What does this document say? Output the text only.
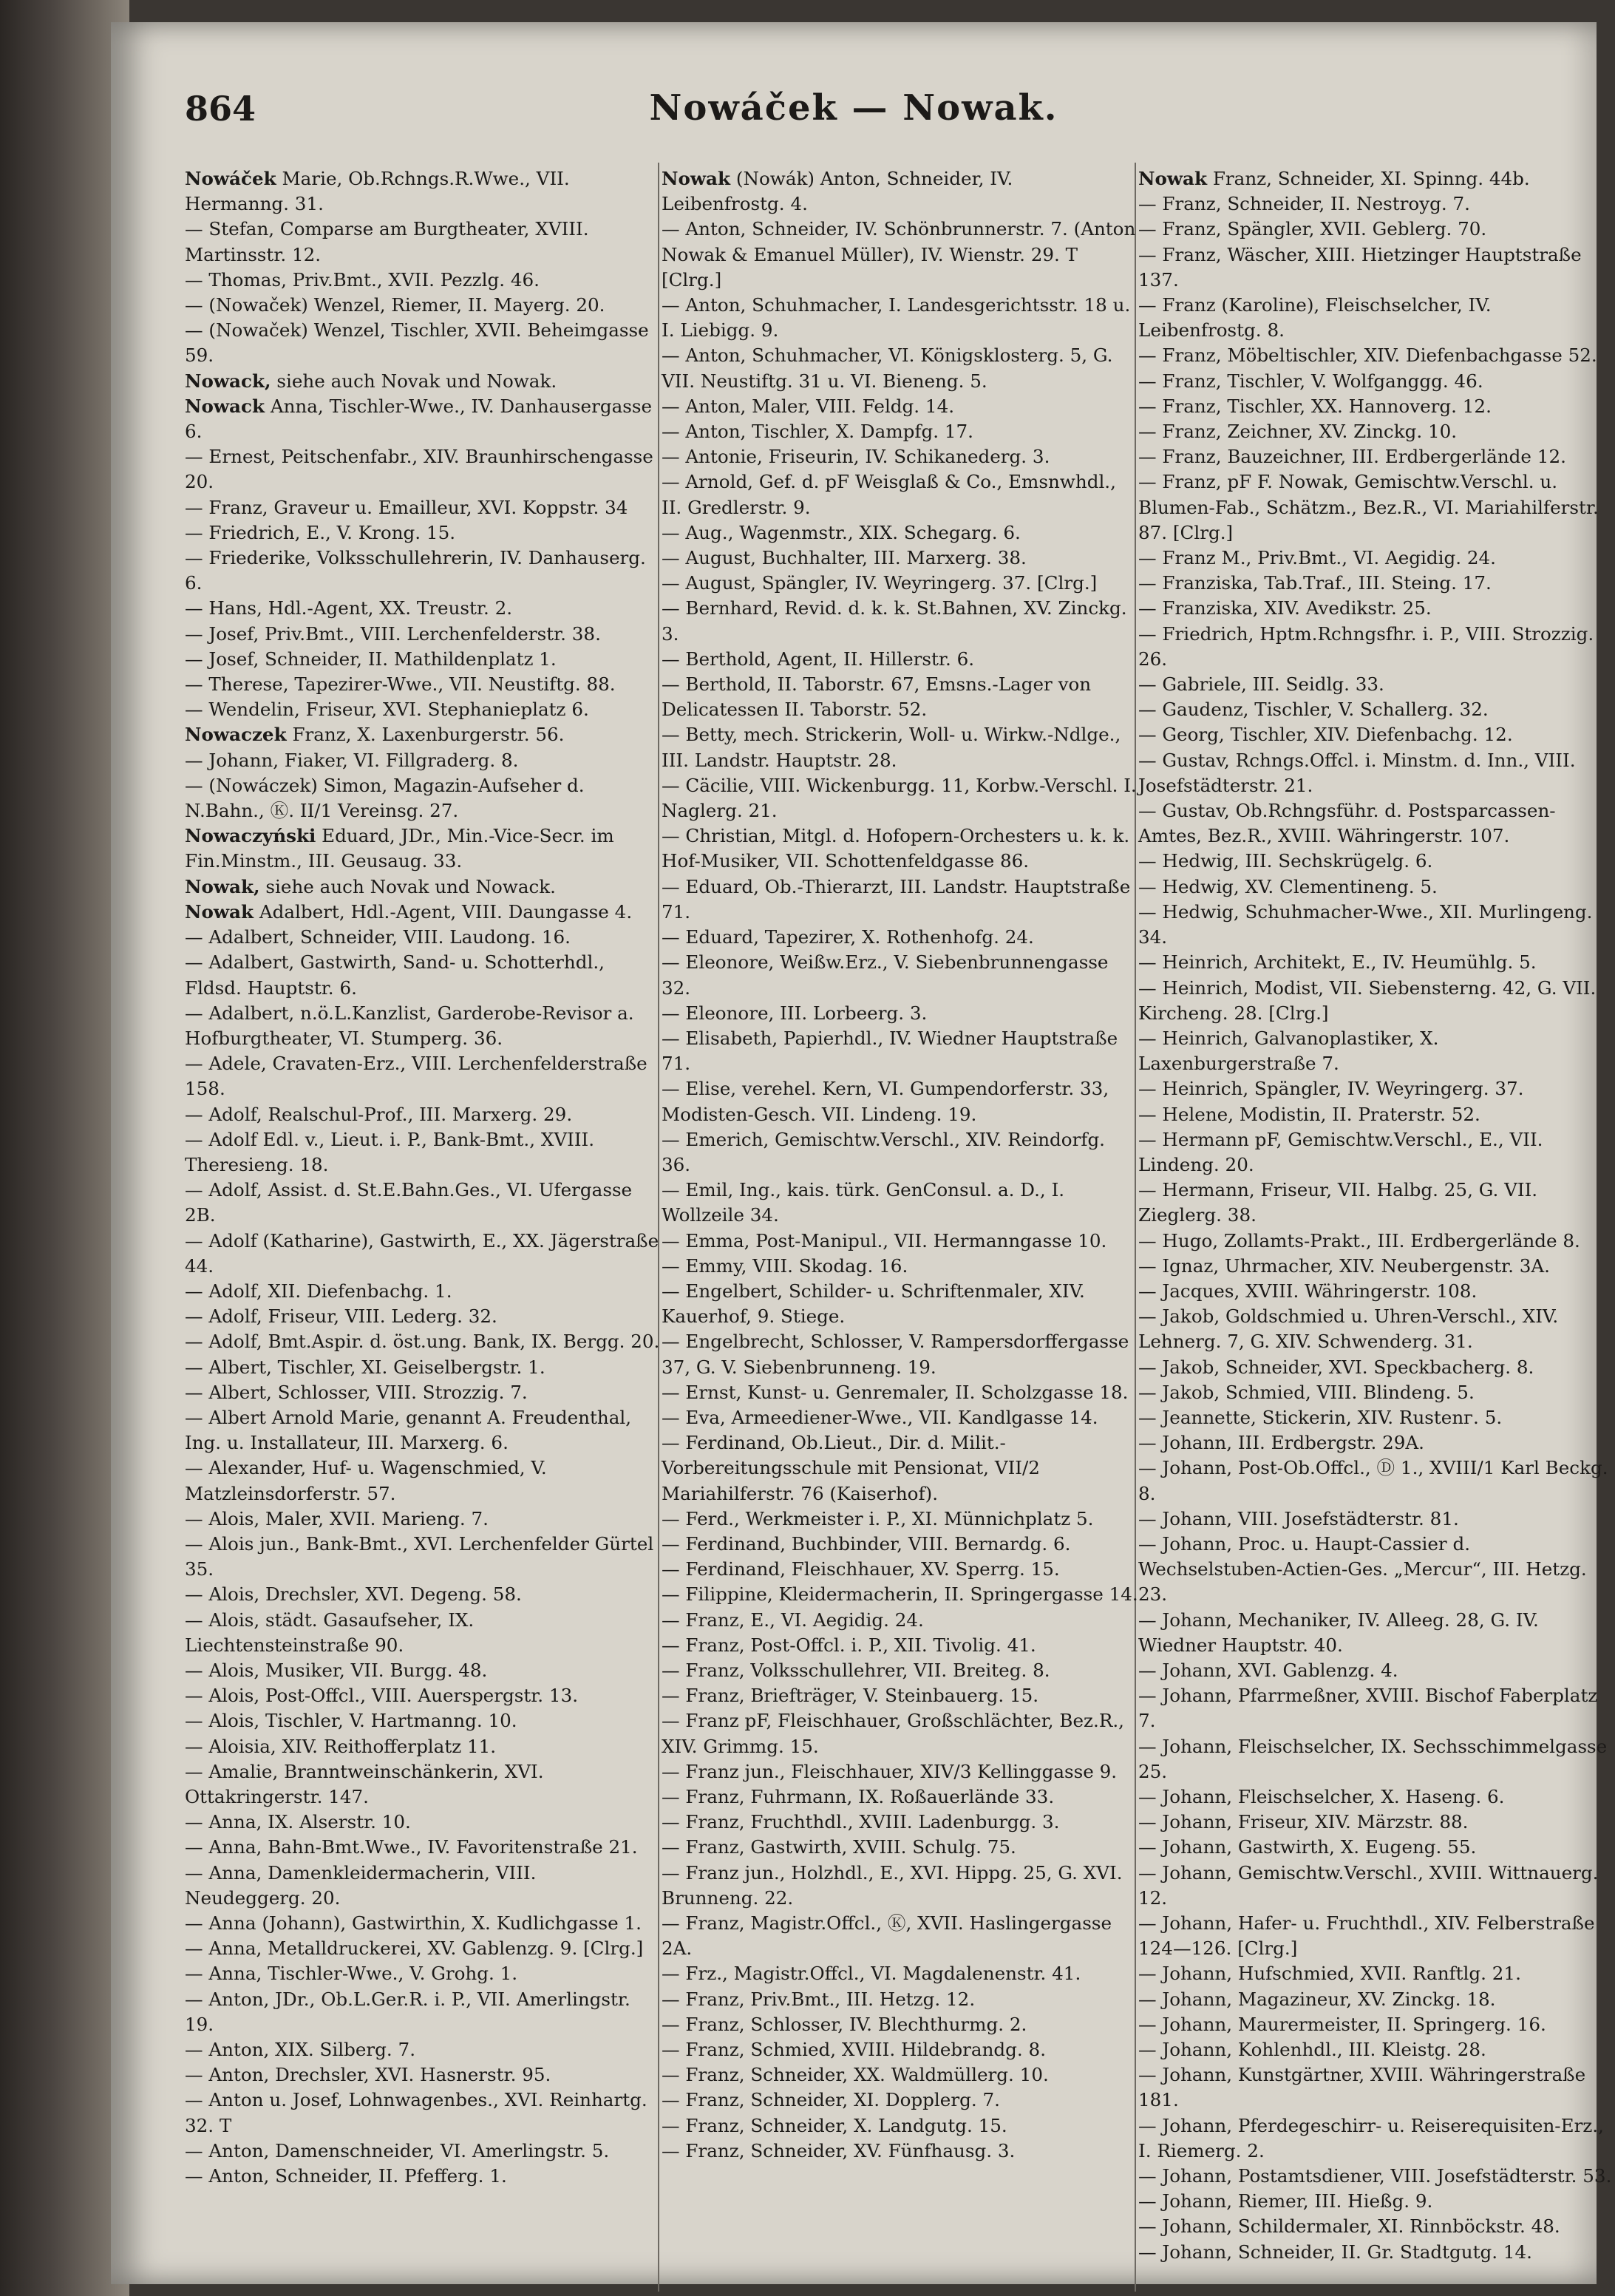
864	Nowáček — Nowak.
Nowáček Marie, Ob.Rchngs.R.Wwe., VII. Hermanng. 31.
— Stefan, Comparse am Burgtheater, XVIII. Martinsstr. 12.
— Thomas, Priv.Bmt., XVII. Pezzlg. 46.
— (Nowaček) Wenzel, Riemer, II. Mayerg. 20.
— (Nowaček) Wenzel, Tischler, XVII. Beheimgasse 59.
Nowack, siehe auch Novak und Nowak.
Nowack Anna, Tischler-Wwe., IV. Danhausergasse 6.
— Ernest, Peitschenfabr., XIV. Braunhirschengasse 20.
— Franz, Graveur u. Emailleur, XVI. Koppstr. 34
— Friedrich, E., V. Krong. 15.
— Friederike, Volksschullehrerin, IV. Danhauserg. 6.
— Hans, Hdl.-Agent, XX. Treustr. 2.
— Josef, Priv.Bmt., VIII. Lerchenfelderstr. 38.
— Josef, Schneider, II. Mathildenplatz 1.
— Therese, Tapezirer-Wwe., VII. Neustiftg. 88.
— Wendelin, Friseur, XVI. Stephanieplatz 6.
Nowaczek Franz, X. Laxenburgerstr. 56.
— Johann, Fiaker, VI. Fillgraderg. 8.
— (Nowáczek) Simon, Magazin-Aufseher d. N.Bahn., Ⓚ. II/1 Vereinsg. 27.
Nowaczyński Eduard, JDr., Min.-Vice-Secr. im Fin.Minstm., III. Geusaug. 33.
Nowak, siehe auch Novak und Nowack.
Nowak Adalbert, Hdl.-Agent, VIII. Daungasse 4.
— Adalbert, Schneider, VIII. Laudong. 16.
— Adalbert, Gastwirth, Sand- u. Schotterhdl., Fldsd. Hauptstr. 6.
— Adalbert, n.ö.L.Kanzlist, Garderobe-Revisor a. Hofburgtheater, VI. Stumperg. 36.
— Adele, Cravaten-Erz., VIII. Lerchenfelderstraße 158.
— Adolf, Realschul-Prof., III. Marxerg. 29.
— Adolf Edl. v., Lieut. i. P., Bank-Bmt., XVIII. Theresieng. 18.
— Adolf, Assist. d. St.E.Bahn.Ges., VI. Ufergasse 2B.
— Adolf (Katharine), Gastwirth, E., XX. Jägerstraße 44.
— Adolf, XII. Diefenbachg. 1.
— Adolf, Friseur, VIII. Lederg. 32.
— Adolf, Bmt.Aspir. d. öst.ung. Bank, IX. Bergg. 20.
— Albert, Tischler, XI. Geiselbergstr. 1.
— Albert, Schlosser, VIII. Strozzig. 7.
— Albert Arnold Marie, genannt A. Freudenthal, Ing. u. Installateur, III. Marxerg. 6.
— Alexander, Huf- u. Wagenschmied, V. Matzleinsdorferstr. 57.
— Alois, Maler, XVII. Marieng. 7.
— Alois jun., Bank-Bmt., XVI. Lerchenfelder Gürtel 35.
— Alois, Drechsler, XVI. Degeng. 58.
— Alois, städt. Gasaufseher, IX. Liechtensteinstraße 90.
— Alois, Musiker, VII. Burgg. 48.
— Alois, Post-Offcl., VIII. Auerspergstr. 13.
— Alois, Tischler, V. Hartmanng. 10.
— Aloisia, XIV. Reithofferplatz 11.
— Amalie, Branntweinschänkerin, XVI. Ottakringerstr. 147.
— Anna, IX. Alserstr. 10.
— Anna, Bahn-Bmt.Wwe., IV. Favoritenstraße 21.
— Anna, Damenkleidermacherin, VIII. Neudeggerg. 20.
— Anna (Johann), Gastwirthin, X. Kudlichgasse 1.
— Anna, Metalldruckerei, XV. Gablenzg. 9. [Clrg.]
— Anna, Tischler-Wwe., V. Grohg. 1.
— Anton, JDr., Ob.L.Ger.R. i. P., VII. Amerlingstr. 19.
— Anton, XIX. Silberg. 7.
— Anton, Drechsler, XVI. Hasnerstr. 95.
— Anton u. Josef, Lohnwagenbes., XVI. Reinhartg. 32. T
— Anton, Damenschneider, VI. Amerlingstr. 5.
— Anton, Schneider, II. Pfefferg. 1.
Nowak (Nowák) Anton, Schneider, IV. Leibenfrostg. 4.
— Anton, Schneider, IV. Schönbrunnerstr. 7. (Anton Nowak & Emanuel Müller), IV. Wienstr. 29. T [Clrg.]
— Anton, Schuhmacher, I. Landesgerichtsstr. 18 u. I. Liebigg. 9.
— Anton, Schuhmacher, VI. Königsklosterg. 5, G. VII. Neustiftg. 31 u. VI. Bieneng. 5.
— Anton, Maler, VIII. Feldg. 14.
— Anton, Tischler, X. Dampfg. 17.
— Antonie, Friseurin, IV. Schikanederg. 3.
— Arnold, Gef. d. pF Weisglaß & Co., Emsnwhdl., II. Gredlerstr. 9.
— Aug., Wagenmstr., XIX. Schegarg. 6.
— August, Buchhalter, III. Marxerg. 38.
— August, Spängler, IV. Weyringerg. 37. [Clrg.]
— Bernhard, Revid. d. k. k. St.Bahnen, XV. Zinckg. 3.
— Berthold, Agent, II. Hillerstr. 6.
— Berthold, II. Taborstr. 67, Emsns.-Lager von Delicatessen II. Taborstr. 52.
— Betty, mech. Strickerin, Woll- u. Wirkw.-Ndlge., III. Landstr. Hauptstr. 28.
— Cäcilie, VIII. Wickenburgg. 11, Korbw.-Verschl. I. Naglerg. 21.
— Christian, Mitgl. d. Hofopern-Orchesters u. k. k. Hof-Musiker, VII. Schottenfeldgasse 86.
— Eduard, Ob.-Thierarzt, III. Landstr. Hauptstraße 71.
— Eduard, Tapezirer, X. Rothenhofg. 24.
— Eleonore, Weißw.Erz., V. Siebenbrunnengasse 32.
— Eleonore, III. Lorbeerg. 3.
— Elisabeth, Papierhdl., IV. Wiedner Hauptstraße 71.
— Elise, verehel. Kern, VI. Gumpendorferstr. 33, Modisten-Gesch. VII. Lindeng. 19.
— Emerich, Gemischtw.Verschl., XIV. Reindorfg. 36.
— Emil, Ing., kais. türk. GenConsul. a. D., I. Wollzeile 34.
— Emma, Post-Manipul., VII. Hermanngasse 10.
— Emmy, VIII. Skodag. 16.
— Engelbert, Schilder- u. Schriftenmaler, XIV. Kauerhof, 9. Stiege.
— Engelbrecht, Schlosser, V. Rampersdorffergasse 37, G. V. Siebenbrunneng. 19.
— Ernst, Kunst- u. Genremaler, II. Scholzgasse 18.
— Eva, Armeediener-Wwe., VII. Kandlgasse 14.
— Ferdinand, Ob.Lieut., Dir. d. Milit.-Vorbereitungsschule mit Pensionat, VII/2 Mariahilferstr. 76 (Kaiserhof).
— Ferd., Werkmeister i. P., XI. Münnichplatz 5.
— Ferdinand, Buchbinder, VIII. Bernardg. 6.
— Ferdinand, Fleischhauer, XV. Sperrg. 15.
— Filippine, Kleidermacherin, II. Springergasse 14.
— Franz, E., VI. Aegidig. 24.
— Franz, Post-Offcl. i. P., XII. Tivolig. 41.
— Franz, Volksschullehrer, VII. Breiteg. 8.
— Franz, Briefträger, V. Steinbauerg. 15.
— Franz pF, Fleischhauer, Großschlächter, Bez.R., XIV. Grimmg. 15.
— Franz jun., Fleischhauer, XIV/3 Kellinggasse 9.
— Franz, Fuhrmann, IX. Roßauerlände 33.
— Franz, Fruchthdl., XVIII. Ladenburgg. 3.
— Franz, Gastwirth, XVIII. Schulg. 75.
— Franz jun., Holzhdl., E., XVI. Hippg. 25, G. XVI. Brunneng. 22.
— Franz, Magistr.Offcl., Ⓚ, XVII. Haslingergasse 2A.
— Frz., Magistr.Offcl., VI. Magdalenenstr. 41.
— Franz, Priv.Bmt., III. Hetzg. 12.
— Franz, Schlosser, IV. Blechthurmg. 2.
— Franz, Schmied, XVIII. Hildebrandg. 8.
— Franz, Schneider, XX. Waldmüllerg. 10.
— Franz, Schneider, XI. Dopplerg. 7.
— Franz, Schneider, X. Landgutg. 15.
— Franz, Schneider, XV. Fünfhausg. 3.
Nowak Franz, Schneider, XI. Spinng. 44b.
— Franz, Schneider, II. Nestroyg. 7.
— Franz, Spängler, XVII. Geblerg. 70.
— Franz, Wäscher, XIII. Hietzinger Hauptstraße 137.
— Franz (Karoline), Fleischselcher, IV. Leibenfrostg. 8.
— Franz, Möbeltischler, XIV. Diefenbachgasse 52.
— Franz, Tischler, V. Wolfganggg. 46.
— Franz, Tischler, XX. Hannoverg. 12.
— Franz, Zeichner, XV. Zinckg. 10.
— Franz, Bauzeichner, III. Erdbergerlände 12.
— Franz, pF F. Nowak, Gemischtw.Verschl. u. Blumen-Fab., Schätzm., Bez.R., VI. Mariahilferstr. 87. [Clrg.]
— Franz M., Priv.Bmt., VI. Aegidig. 24.
— Franziska, Tab.Traf., III. Steing. 17.
— Franziska, XIV. Avedikstr. 25.
— Friedrich, Hptm.Rchngsfhr. i. P., VIII. Strozzig. 26.
— Gabriele, III. Seidlg. 33.
— Gaudenz, Tischler, V. Schallerg. 32.
— Georg, Tischler, XIV. Diefenbachg. 12.
— Gustav, Rchngs.Offcl. i. Minstm. d. Inn., VIII. Josefstädterstr. 21.
— Gustav, Ob.Rchngsführ. d. Postsparcassen-Amtes, Bez.R., XVIII. Währingerstr. 107.
— Hedwig, III. Sechskrügelg. 6.
— Hedwig, XV. Clementineng. 5.
— Hedwig, Schuhmacher-Wwe., XII. Murlingeng. 34.
— Heinrich, Architekt, E., IV. Heumühlg. 5.
— Heinrich, Modist, VII. Siebensterng. 42, G. VII. Kircheng. 28. [Clrg.]
— Heinrich, Galvanoplastiker, X. Laxenburgerstraße 7.
— Heinrich, Spängler, IV. Weyringerg. 37.
— Helene, Modistin, II. Praterstr. 52.
— Hermann pF, Gemischtw.Verschl., E., VII. Lindeng. 20.
— Hermann, Friseur, VII. Halbg. 25, G. VII. Zieglerg. 38.
— Hugo, Zollamts-Prakt., III. Erdbergerlände 8.
— Ignaz, Uhrmacher, XIV. Neubergenstr. 3A.
— Jacques, XVIII. Währingerstr. 108.
— Jakob, Goldschmied u. Uhren-Verschl., XIV. Lehnerg. 7, G. XIV. Schwenderg. 31.
— Jakob, Schneider, XVI. Speckbacherg. 8.
— Jakob, Schmied, VIII. Blindeng. 5.
— Jeannette, Stickerin, XIV. Rustenг. 5.
— Johann, III. Erdbergstr. 29A.
— Johann, Post-Ob.Offcl., Ⓓ 1., XVIII/1 Karl Beckg. 8.
— Johann, VIII. Josefstädterstr. 81.
— Johann, Proc. u. Haupt-Cassier d. Wechselstuben-Actien-Ges. „Mercur“, III. Hetzg. 23.
— Johann, Mechaniker, IV. Alleeg. 28, G. IV. Wiedner Hauptstr. 40.
— Johann, XVI. Gablenzg. 4.
— Johann, Pfarrmeßner, XVIII. Bischof Faberplatz 7.
— Johann, Fleischselcher, IX. Sechsschimmelgasse 25.
— Johann, Fleischselcher, X. Haseng. 6.
— Johann, Friseur, XIV. Märzstr. 88.
— Johann, Gastwirth, X. Eugeng. 55.
— Johann, Gemischtw.Verschl., XVIII. Wittnauerg. 12.
— Johann, Hafer- u. Fruchthdl., XIV. Felberstraße 124—126. [Clrg.]
— Johann, Hufschmied, XVII. Ranftlg. 21.
— Johann, Magazineur, XV. Zinckg. 18.
— Johann, Maurermeister, II. Springerg. 16.
— Johann, Kohlenhdl., III. Kleistg. 28.
— Johann, Kunstgärtner, XVIII. Währingerstraße 181.
— Johann, Pferdegeschirr- u. Reiserequisiten-Erz., I. Riemerg. 2.
— Johann, Postamtsdiener, VIII. Josefstädterstr. 53.
— Johann, Riemer, III. Hießg. 9.
— Johann, Schildermaler, XI. Rinnböckstr. 48.
— Johann, Schneider, II. Gr. Stadtgutg. 14.
